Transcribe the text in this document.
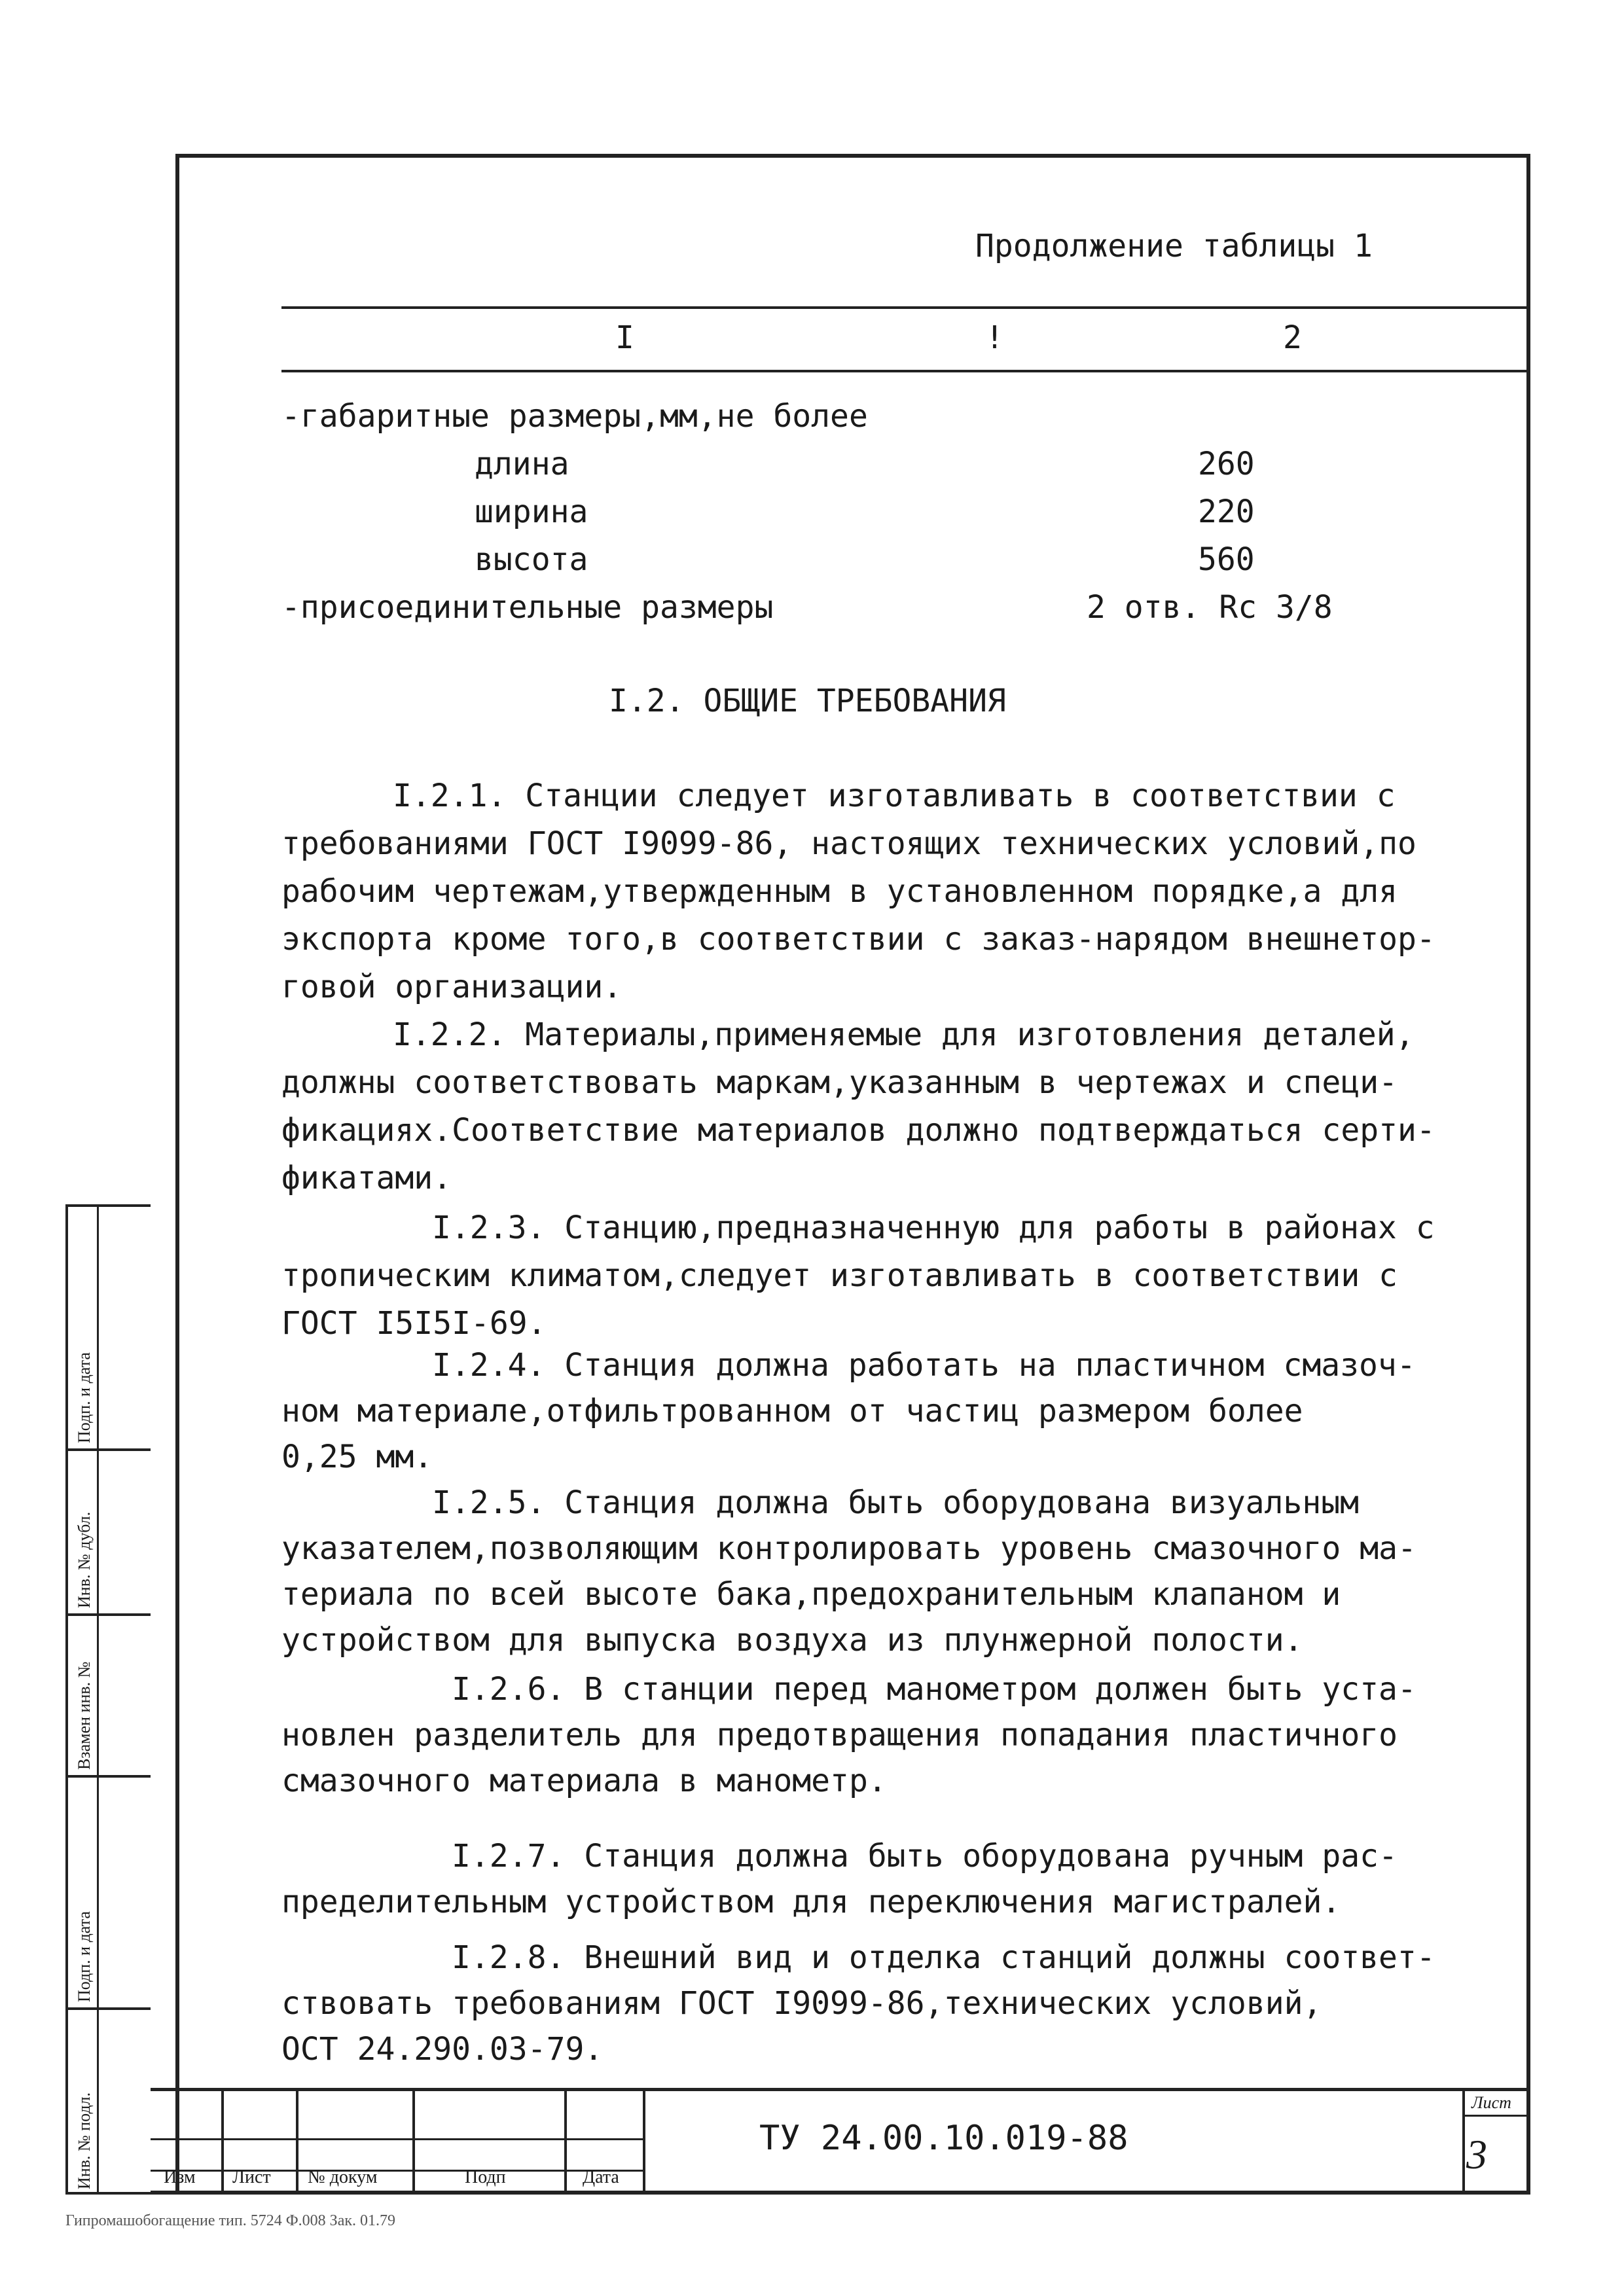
Продолжение таблицы 1
I	!	2
-габаритные размеры,мм,не более
длина	260
ширина	220
высота	560
-присоединительные размеры	2 отв. Rc 3/8
I.2. ОБЩИЕ ТРЕБОВАНИЯ
I.2.1. Станции следует изготавливать в соответствии с
требованиями ГОСТ I9099-86, настоящих технических условий,по
рабочим чертежам,утвержденным в установленном порядке,а для
экспорта кроме того,в соответствии с заказ-нарядом внешнетор-
говой организации.
I.2.2. Материалы,применяемые для изготовления деталей,
должны соответствовать маркам,указанным в чертежах и специ-
фикациях.Соответствие материалов должно подтверждаться серти-
фикатами.
I.2.3. Станцию,предназначенную для работы в районах с
тропическим климатом,следует изготавливать в соответствии с
ГОСТ I5I5I-69.
I.2.4. Станция должна работать на пластичном смазоч-
ном материале,отфильтрованном от частиц размером более
0,25 мм.
I.2.5. Станция должна быть оборудована визуальным
указателем,позволяющим контролировать уровень смазочного ма-
териала по всей высоте бака,предохранительным клапаном и
устройством для выпуска воздуха из плунжерной полости.
I.2.6. В станции перед манометром должен быть уста-
новлен разделитель для предотвращения попадания пластичного
смазочного материала в манометр.
I.2.7. Станция должна быть оборудована ручным рас-
пределительным устройством для переключения магистралей.
I.2.8. Внешний вид и отделка станций должны соответ-
ствовать требованиям ГОСТ I9099-86,технических условий,
ОСТ 24.290.03-79.
Подп. и дата
Инв. № дубл.
Взамен инв. №
Подп. и дата
Инв. № подл.	Изм Лист № докум	Подп	Дата
ТУ 24.00.10.019-88
Лист
3
Гипромашобогащение тип. 5724 Ф.008 Зак. 01.79
